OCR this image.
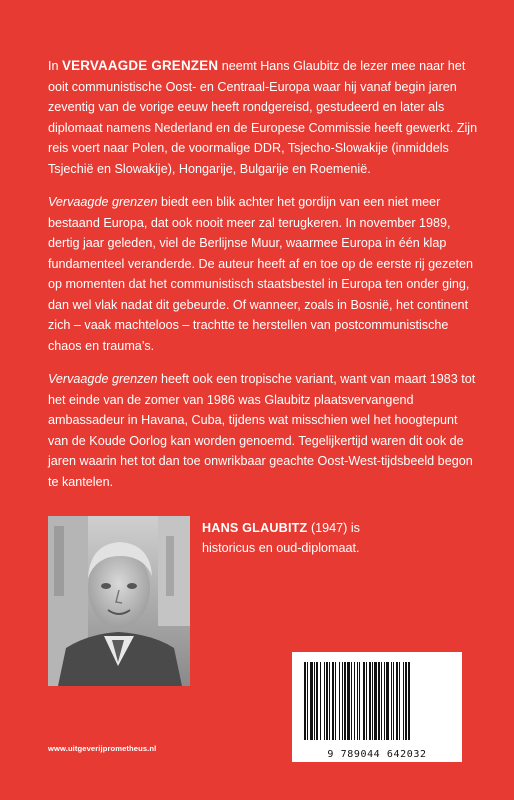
In VERVAAGDE GRENZEN neemt Hans Glaubitz de lezer mee naar het ooit communistische Oost- en Centraal-Europa waar hij vanaf begin jaren zeventig van de vorige eeuw heeft rondgereisd, gestudeerd en later als diplomaat namens Nederland en de Europese Commissie heeft gewerkt. Zijn reis voert naar Polen, de voormalige DDR, Tsjecho-Slowakije (inmiddels Tsjechië en Slowakije), Hongarije, Bulgarije en Roemenië.

Vervaagde grenzen biedt een blik achter het gordijn van een niet meer bestaand Europa, dat ook nooit meer zal terugkeren. In november 1989, dertig jaar geleden, viel de Berlijnse Muur, waarmee Europa in één klap fundamenteel veranderde. De auteur heeft af en toe op de eerste rij gezeten op momenten dat het communistisch staatsbestel in Europa ten onder ging, dan wel vlak nadat dit gebeurde. Of wanneer, zoals in Bosnië, het continent zich – vaak machteloos – trachtte te herstellen van postcommunistische chaos en trauma’s.

Vervaagde grenzen heeft ook een tropische variant, want van maart 1983 tot het einde van de zomer van 1986 was Glaubitz plaatsvervangend ambassadeur in Havana, Cuba, tijdens wat misschien wel het hoogtepunt van de Koude Oorlog kan worden genoemd. Tegelijkertijd waren dit ook de jaren waarin het tot dan toe onwrikbaar geachte Oost-West-tijdsbeeld begon te kantelen.

HANS GLAUBITZ (1947) is historicus en oud-diplomaat.
9 789044 642032
www.uitgeverijprometheus.nl
